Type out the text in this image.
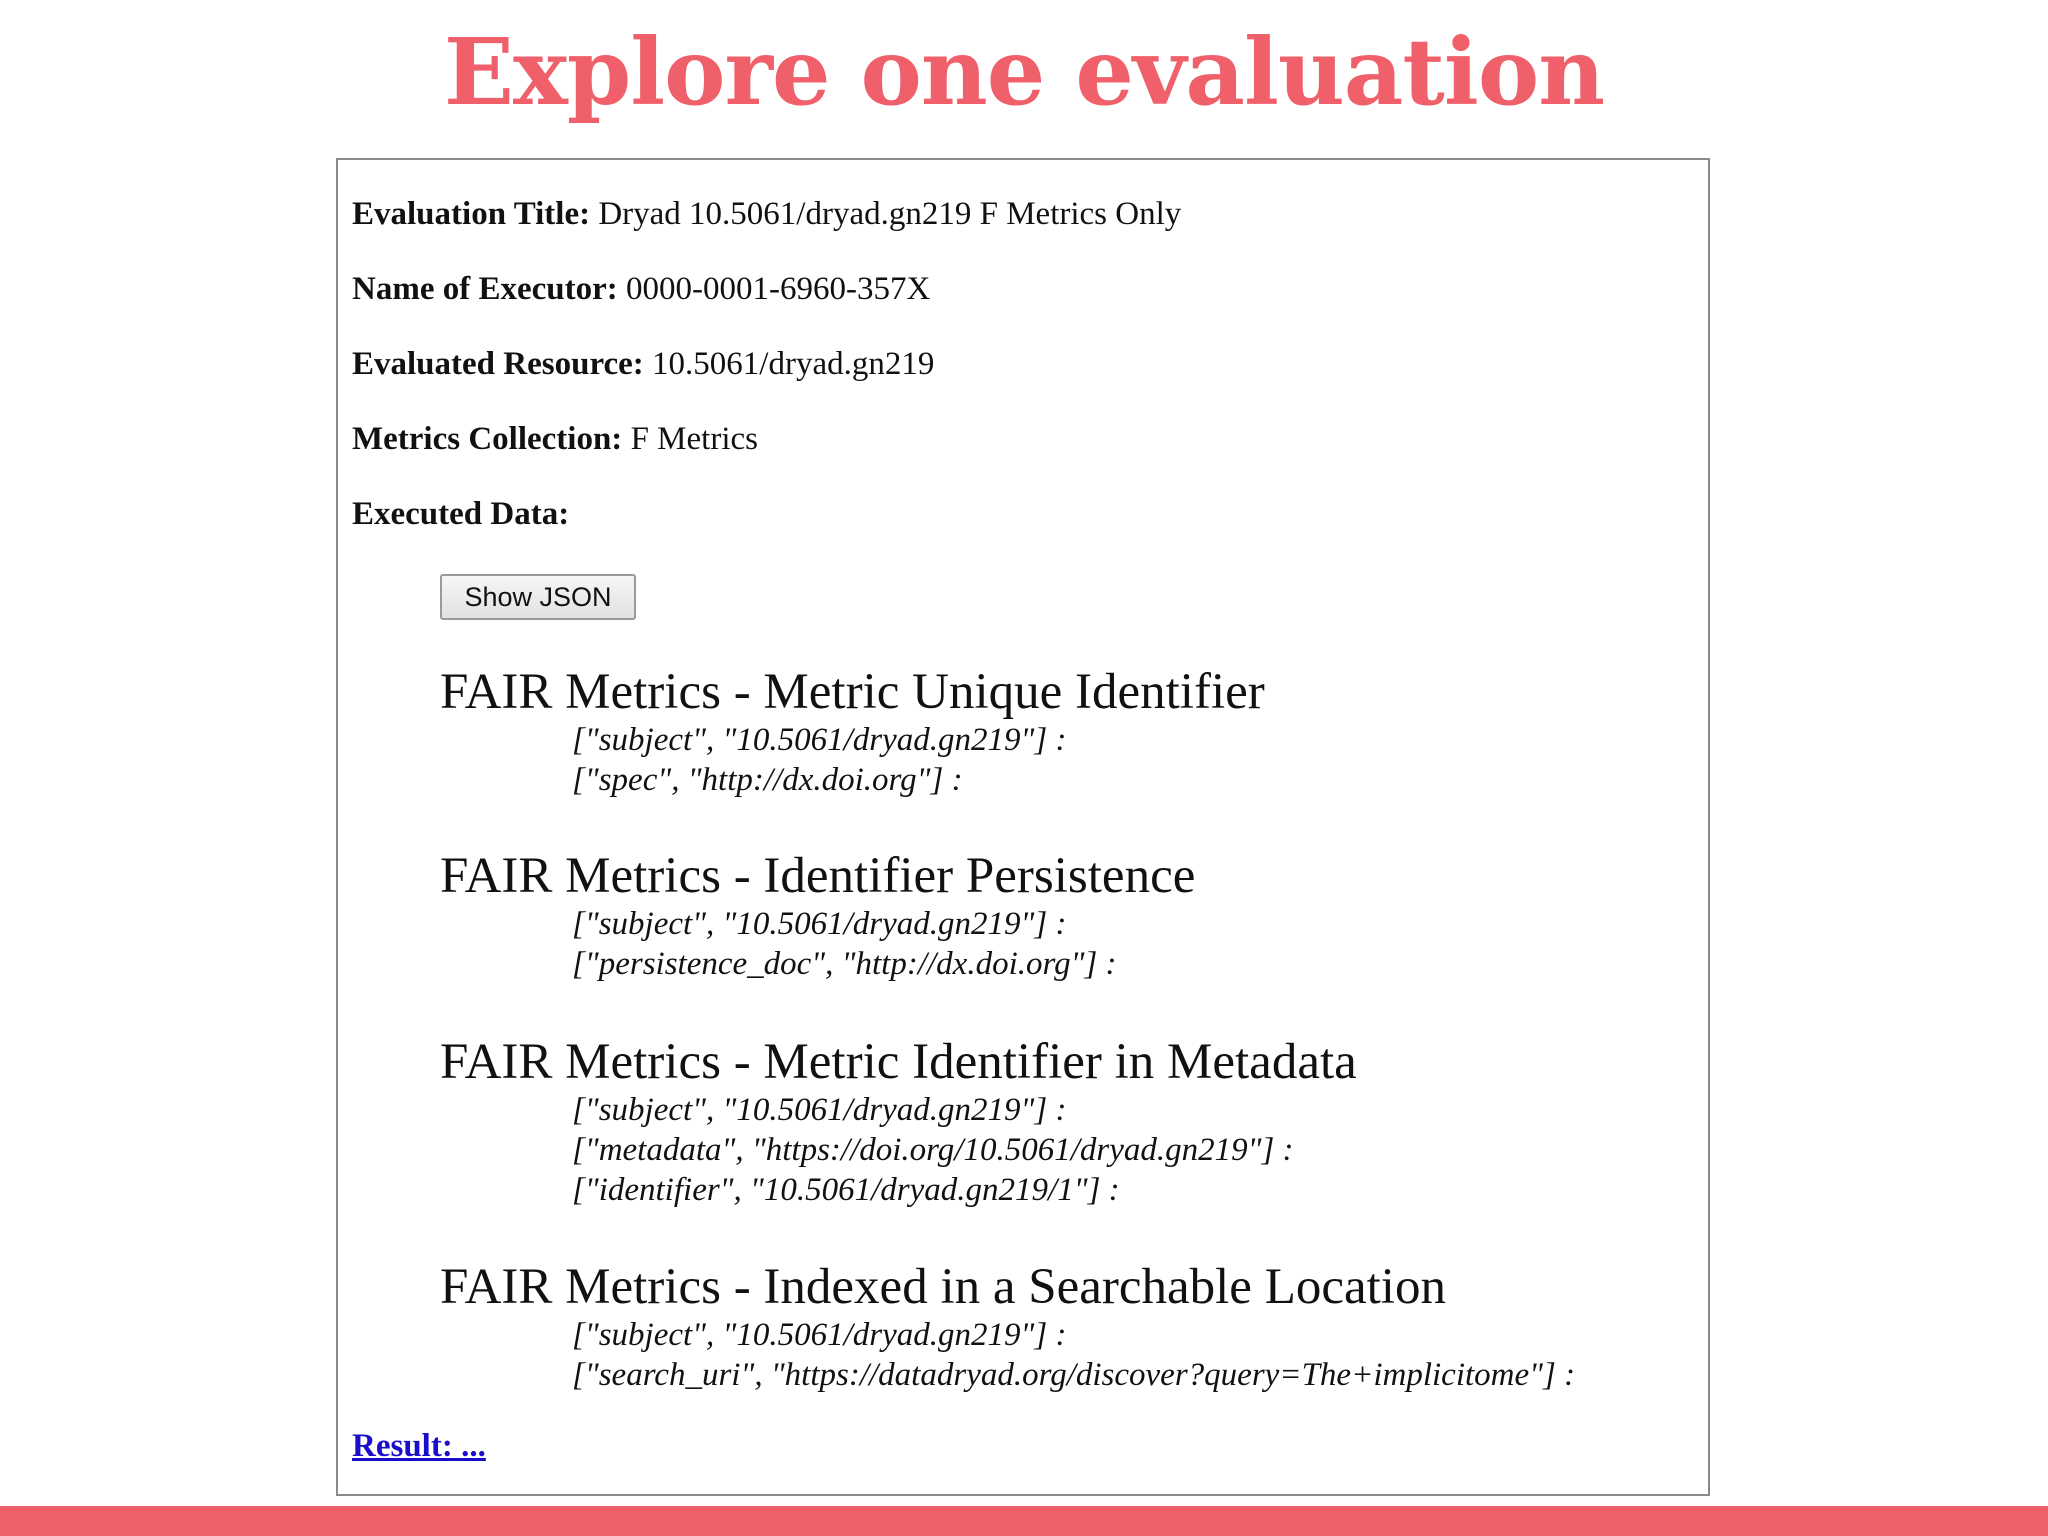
Explore one evaluation
Evaluation Title: Dryad 10.5061/dryad.gn219 F Metrics Only
Name of Executor: 0000-0001-6960-357X
Evaluated Resource: 10.5061/dryad.gn219
Metrics Collection: F Metrics
Executed Data:
Show JSON
FAIR Metrics - Metric Unique Identifier
["subject", "10.5061/dryad.gn219"] :
["spec", "http://dx.doi.org"] :
FAIR Metrics - Identifier Persistence
["subject", "10.5061/dryad.gn219"] :
["persistence_doc", "http://dx.doi.org"] :
FAIR Metrics - Metric Identifier in Metadata
["subject", "10.5061/dryad.gn219"] :
["metadata", "https://doi.org/10.5061/dryad.gn219"] :
["identifier", "10.5061/dryad.gn219/1"] :
FAIR Metrics - Indexed in a Searchable Location
["subject", "10.5061/dryad.gn219"] :
["search_uri", "https://datadryad.org/discover?query=The+implicitome"] :
Result: ...
